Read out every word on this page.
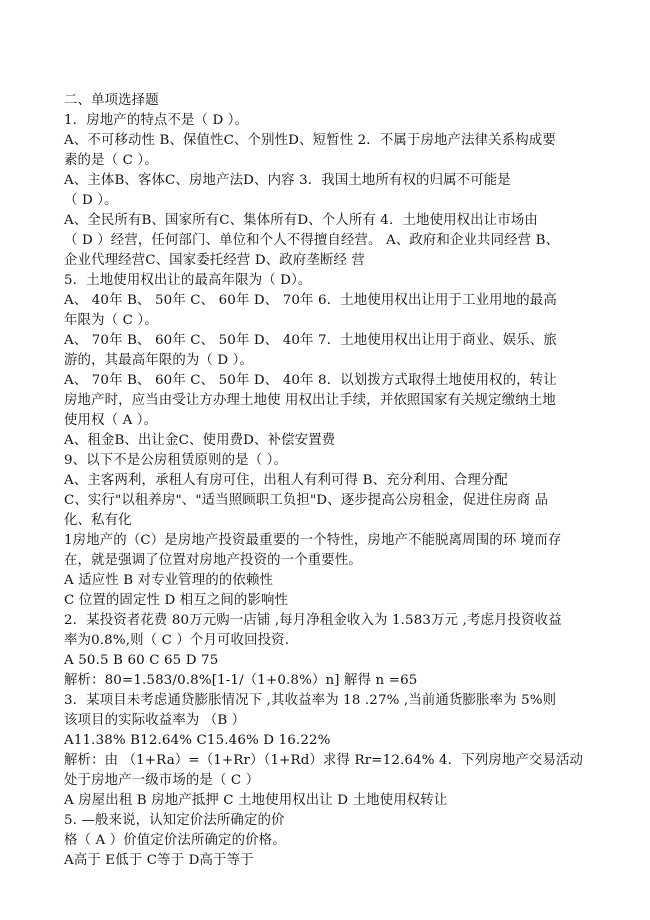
二、单项选择题
1．房地产的特点不是（ D ）。
A、不可移动性 B、保值性C、个别性D、短暂性 2．不属于房地产法律关系构成要
素的是（ C ）。
A、主体B、客体C、房地产法D、内容 3．我国土地所有权的归属不可能是
（ D ）。
A、全民所有B、国家所有C、集体所有D、个人所有 4．土地使用权出让市场由
（ D ）经营，任何部门、单位和个人不得擅自经营。 A、政府和企业共同经营 B、
企业代理经营C、国家委托经营 D、政府垄断经 营
5．土地使用权出让的最高年限为（ D）。
A、 40年 B、 50年 C、 60年 D、 70年 6．土地使用权出让用于工业用地的最高
年限为（ C ）。
A、 70年 B、 60年 C、 50年 D、 40年 7．土地使用权出让用于商业、娱乐、旅
游的，其最高年限的为（ D ）。
A、 70年 B、 60年 C、 50年 D、 40年 8．以划拨方式取得土地使用权的，转让
房地产时，应当由受让方办理土地使 用权出让手续，并依照国家有关规定缴纳土地
使用权（ A ）。
A、租金B、出让金C、使用费D、补偿安置费
9、以下不是公房租赁原则的是（ ）。
A、主客两利，承租人有房可住，出租人有利可得 B、充分利用、合理分配
C、实行"以租养房"、"适当照顾职工负担"D、逐步提高公房租金，促进住房商 品
化、私有化
1房地产的（C）是房地产投资最重要的一个特性，房地产不能脱离周围的环 境而存
在，就是强调了位置对房地产投资的一个重要性。
A 适应性 B 对专业管理的的依赖性
C 位置的固定性 D 相互之间的影响性
2．某投资者花费 80万元购一店铺 ,每月净租金收入为 1.583万元 ,考虑月投资收益
率为0.8%,则（ C ）个月可收回投资.
A 50.5 B 60 C 65 D 75
解析：80=1.583/0.8%[1-1/（1+0.8%）n] 解得 n =65
3．某项目未考虑通贷膨胀情况下 ,其收益率为 18 .27% ,当前通货膨胀率为 5%则
该项目的实际收益率为 （B ）
A11.38% B12.64% C15.46% D 16.22%
解析：由 （1+Ra）=（1+Rr）（1+Rd）求得 Rr=12.64% 4．下列房地产交易活动
处于房地产一级市场的是（ C ）
A 房屋出租 B 房地产抵押 C 土地使用权出让 D 土地使用权转让
5. —般来说，认知定价法所确定的价
格（ A ）价值定价法所确定的价格。
A高于 E低于 C等于 D高于等于
